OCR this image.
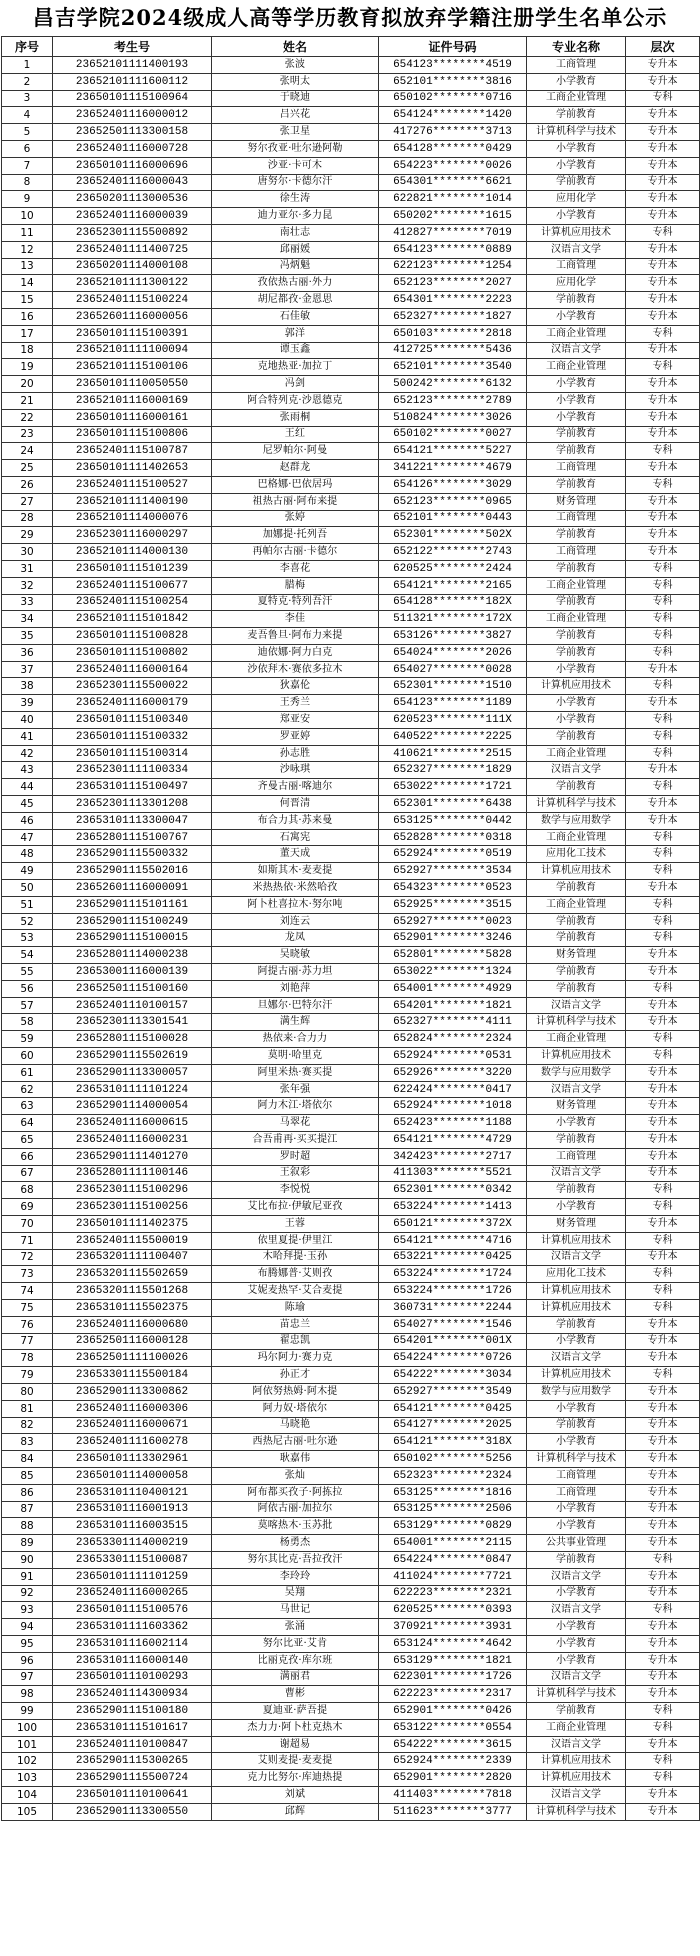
昌吉学院2024级成人高等学历教育拟放弃学籍注册学生名单公示
序号	考生号	姓名	证件号码	专业名称	层次
1	23652101111400193	张波	654123********4519	工商管理	专升本
2	23652101111600112	张明太	652101********3816	小学教育	专升本
3	23650101115100964	于晓迪	650102********0716	工商企业管理	专科
4	23652401116000012	吕兴花	654124********1420	学前教育	专升本
5	23652501113300158	张卫星	417276********3713	计算机科学与技术	专升本
6	23652401116000728	努尔孜亚·吐尔逊阿勒	654128********0429	小学教育	专升本
7	23650101116000696	沙亚·卡可木	654223********0026	小学教育	专升本
8	23652401116000043	唐努尔·卡德尔汗	654301********6621	学前教育	专升本
9	23650201113000536	徐生涛	622821********1014	应用化学	专升本
10	23652401116000039	迪力亚尔·多力昆	650202********1615	小学教育	专升本
11	23652301115500892	南壮志	412827********7019	计算机应用技术	专科
12	23652401111400725	邱丽媛	654123********0889	汉语言文学	专升本
13	23650201114000108	冯炳魁	622123********1254	工商管理	专升本
14	23652101111300122	孜依热古丽·外力	652123********2027	应用化学	专升本
15	23652401115100224	胡尼都孜·金恩思	654301********2223	学前教育	专升本
16	23652601116000056	石佳敏	652327********1827	小学教育	专升本
17	23650101115100391	郭洋	650103********2818	工商企业管理	专科
18	23652101111100094	谭玉鑫	412725********5436	汉语言文学	专升本
19	23652101115100106	克地热亚·加拉丁	652101********3540	工商企业管理	专科
20	23650101110050550	冯剑	500242********6132	小学教育	专升本
21	23652101116000169	阿合特列克·沙恩德克	652123********2789	小学教育	专升本
22	23650101116000161	张雨桐	510824********3026	小学教育	专升本
23	23650101115100806	王红	650102********0027	学前教育	专升本
24	23652401115100787	尼罗帕尔·阿曼	654121********5227	学前教育	专科
25	23650101111402653	赵群龙	341221********4679	工商管理	专升本
26	23652401115100527	巴格娜·巴依居玛	654126********3029	学前教育	专科
27	23652101111400190	祖热古丽·阿布来提	652123********0965	财务管理	专升本
28	23652101114000076	张婷	652101********0443	工商管理	专升本
29	23652301116000297	加娜提·托列吾	652301********502X	学前教育	专升本
30	23652101114000130	再帕尔古丽·卡德尔	652122********2743	工商管理	专升本
31	23650101115101239	李喜花	620525********2424	学前教育	专科
32	23652401115100677	腊梅	654121********2165	工商企业管理	专科
33	23652401115100254	夏特克·特列吾汗	654128********182X	学前教育	专科
34	23652101115101842	李佳	511321********172X	工商企业管理	专科
35	23650101115100828	麦吾鲁旦·阿布力来提	653126********3827	学前教育	专科
36	23650101115100802	迪依娜·阿力白克	654024********2026	学前教育	专科
37	23652401116000164	沙依拜木·赛依多拉木	654027********0028	小学教育	专升本
38	23652301115500022	狄嘉伦	652301********1510	计算机应用技术	专科
39	23652401116000179	王秀兰	654123********1189	小学教育	专升本
40	23650101115100340	郑亚安	620523********111X	小学教育	专科
41	23650101115100332	罗亚婷	640522********2225	学前教育	专科
42	23650101115100314	孙志胜	410621********2515	工商企业管理	专科
43	23652301111100334	沙咏琪	652327********1829	汉语言文学	专升本
44	23653101115100497	齐曼古丽·喀迪尔	653022********1721	学前教育	专科
45	23652301113301208	何晋清	652301********6438	计算机科学与技术	专升本
46	23653101113300047	布合力其·苏来曼	653125********0442	数学与应用数学	专升本
47	23652801115100767	石寓宪	652828********0318	工商企业管理	专科
48	23652901115500332	董天成	652924********0519	应用化工技术	专科
49	23652901115502016	如斯其木·麦麦提	652927********3534	计算机应用技术	专科
50	23652601116000091	米热热依·米然哈孜	654323********0523	学前教育	专升本
51	23652901115101161	阿卜杜喜拉木·努尔吨	652925********3515	工商企业管理	专科
52	23652901115100249	刘连云	652927********0023	学前教育	专科
53	23652901115100015	龙凤	652901********3246	学前教育	专科
54	23652801114000238	吴晓敏	652801********5828	财务管理	专升本
55	23653001116000139	阿提古丽·苏力坦	653022********1324	学前教育	专升本
56	23652501115100160	刘艳萍	654001********4929	学前教育	专科
57	23652401110100157	旦娜尔·巴特尔汗	654201********1821	汉语言文学	专升本
58	23652301113301541	满生辉	652327********4111	计算机科学与技术	专升本
59	23652801115100028	热依来·合力力	652824********2324	工商企业管理	专科
60	23652901115502619	莫明·哈里克	652924********0531	计算机应用技术	专科
61	23652901113300057	阿里米热·赛买提	652926********3220	数学与应用数学	专升本
62	23653101111101224	张年强	622424********0417	汉语言文学	专升本
63	23652901114000054	阿力木江·塔依尔	652924********1018	财务管理	专升本
64	23652401116000615	马翠花	652423********1188	小学教育	专升本
65	23652401116000231	合吾甫再·买买提江	654121********4729	学前教育	专升本
66	23652901111401270	罗时超	342423********2717	工商管理	专升本
67	23652801111100146	王叙彩	411303********5521	汉语言文学	专升本
68	23652301115100296	李悦悦	652301********0342	学前教育	专科
69	23652301115100256	艾比布拉·伊敏尼亚孜	653224********1413	小学教育	专科
70	23650101111402375	王蓉	650121********372X	财务管理	专升本
71	23652401115500019	依里夏提·伊里江	654121********4716	计算机应用技术	专科
72	23653201111100407	木哈拜提·玉孙	653221********0425	汉语言文学	专升本
73	23653201115502659	布腾娜普·艾则孜	653224********1724	应用化工技术	专科
74	23653201115501268	艾妮麦热罕·艾合麦提	653224********1726	计算机应用技术	专科
75	23653101115502375	陈瑜	360731********2244	计算机应用技术	专科
76	23652401116000680	苗忠兰	654027********1546	学前教育	专升本
77	23652501116000128	翟忠凯	654201********001X	小学教育	专升本
78	23652501111100026	玛尔阿力·赛力克	654224********0726	汉语言文学	专升本
79	23653301115500184	孙正才	654222********3034	计算机应用技术	专科
80	23652901113300862	阿依努热姆·阿木提	652927********3549	数学与应用数学	专升本
81	23652401116000306	阿力奴·塔依尔	654121********0425	小学教育	专升本
82	23652401116000671	马晓艳	654127********2025	学前教育	专升本
83	23652401111600278	西热尼古丽·吐尔逊	654121********318X	小学教育	专升本
84	23650101113302961	耿嘉伟	650102********5256	计算机科学与技术	专升本
85	23650101114000058	张灿	652323********2324	工商管理	专升本
86	23653101110400121	阿布都买孜子·阿拣拉	653125********1816	工商管理	专升本
87	23653101116001913	阿依古丽·加拉尔	653125********2506	小学教育	专升本
88	23653101116003515	莫喀热木·玉苏批	653129********0829	小学教育	专升本
89	23653301114000219	杨勇杰	654001********2115	公共事业管理	专升本
90	23653301115100087	努尔其比克·吾拉孜汗	654224********0847	学前教育	专科
91	23650101111101259	李玲玲	411024********7721	汉语言文学	专升本
92	23652401116000265	吴翔	622223********2321	小学教育	专升本
93	23650101115100576	马世记	620525********0393	汉语言文学	专科
94	23653101111603362	张涌	370921********3931	小学教育	专升本
95	23653101116002114	努尔比亚·艾肯	653124********4642	小学教育	专升本
96	23653101116000140	比丽克孜·库尔班	653129********1821	小学教育	专升本
97	23650101110100293	满丽君	622301********1726	汉语言文学	专升本
98	23652401114300934	曹彬	622223********2317	计算机科学与技术	专升本
99	23652901115100180	夏迪亚·萨吾提	652901********0426	学前教育	专科
100	23653101115101617	杰力力·阿卜杜克热木	653122********0554	工商企业管理	专科
101	23652401110100847	谢超易	654222********3615	汉语言文学	专升本
102	23652901115300265	艾则麦提·麦麦提	652924********2339	计算机应用技术	专科
103	23652901115500724	克力比努尔·库迪热提	652901********2820	计算机应用技术	专科
104	23650101110100641	刘斌	411403********7818	汉语言文学	专升本
105	23652901113300550	邱辉	511623********3777	计算机科学与技术	专升本
